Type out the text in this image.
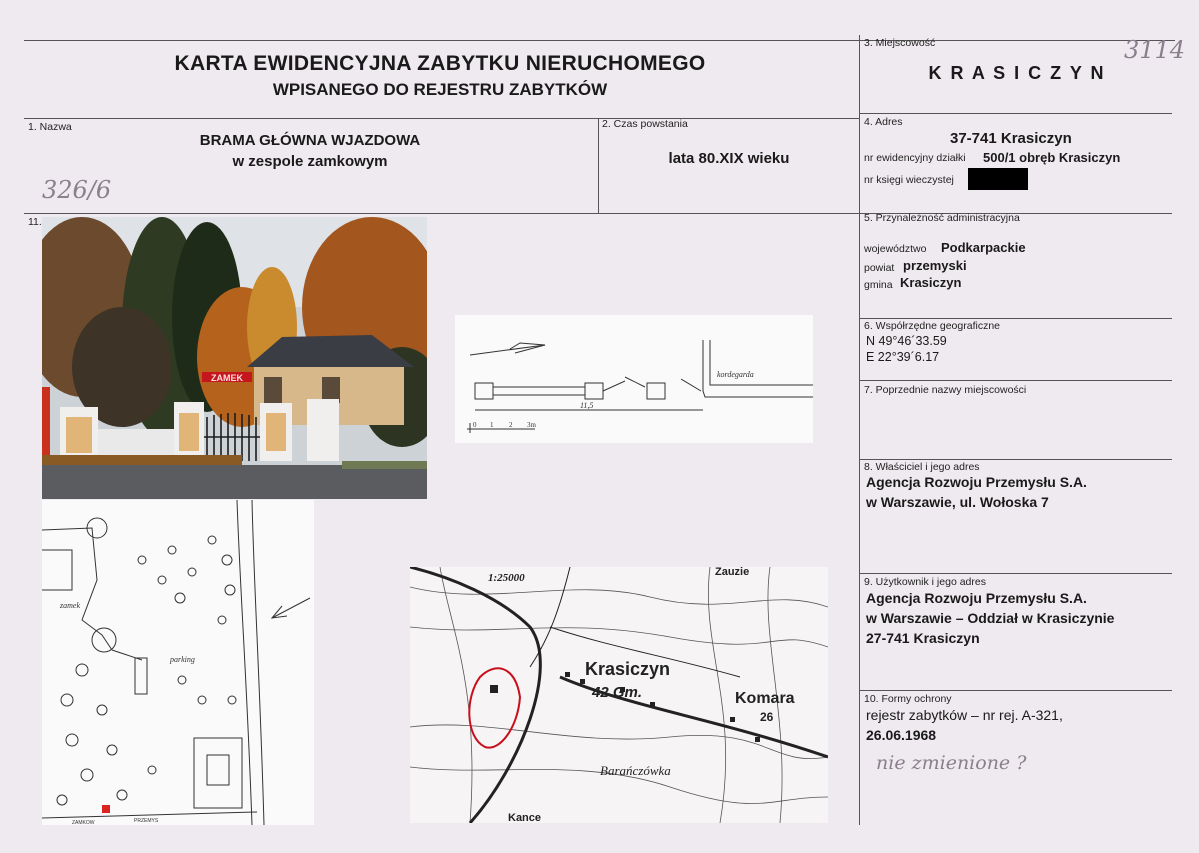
KARTA EWIDENCYJNA ZABYTKU NIERUCHOMEGO
WPISANEGO DO REJESTRU ZABYTKÓW
3114
326/6
nie zmienione ?
3. Miejscowość
K R A S I C Z Y N
1. Nazwa
BRAMA GŁÓWNA WJAZDOWA
w zespole zamkowym
2. Czas powstania
lata 80.XIX wieku
4. Adres
37-741 Krasiczyn
nr ewidencyjny działki 500/1 obręb Krasiczyn
nr księgi wieczystej
11.	5. Przynależność administracyjna
województwo Podkarpackie
powiat przemyski
gmina Krasiczyn
6. Współrzędne geograficzne
N 49°46´33.59
E 22°39´6.17
7. Poprzednie nazwy miejscowości
8. Właściciel i jego adres
Agencja Rozwoju Przemysłu S.A.
w Warszawie, ul. Wołoska 7
9. Użytkownik i jego adres
Agencja Rozwoju Przemysłu S.A.
w Warszawie – Oddział w Krasiczynie
27-741 Krasiczyn
10. Formy ochrony
rejestr zabytków – nr rej. A-321,
26.06.1968
ZAMEK
11,5
kordegarda
0 1 2 3m
zamek
parking
ZAMKOW	PRZEMYS
1:25000
Krasiczyn
42 Gm.	Komara
26
Zauzie
Barańczówka
Kance
